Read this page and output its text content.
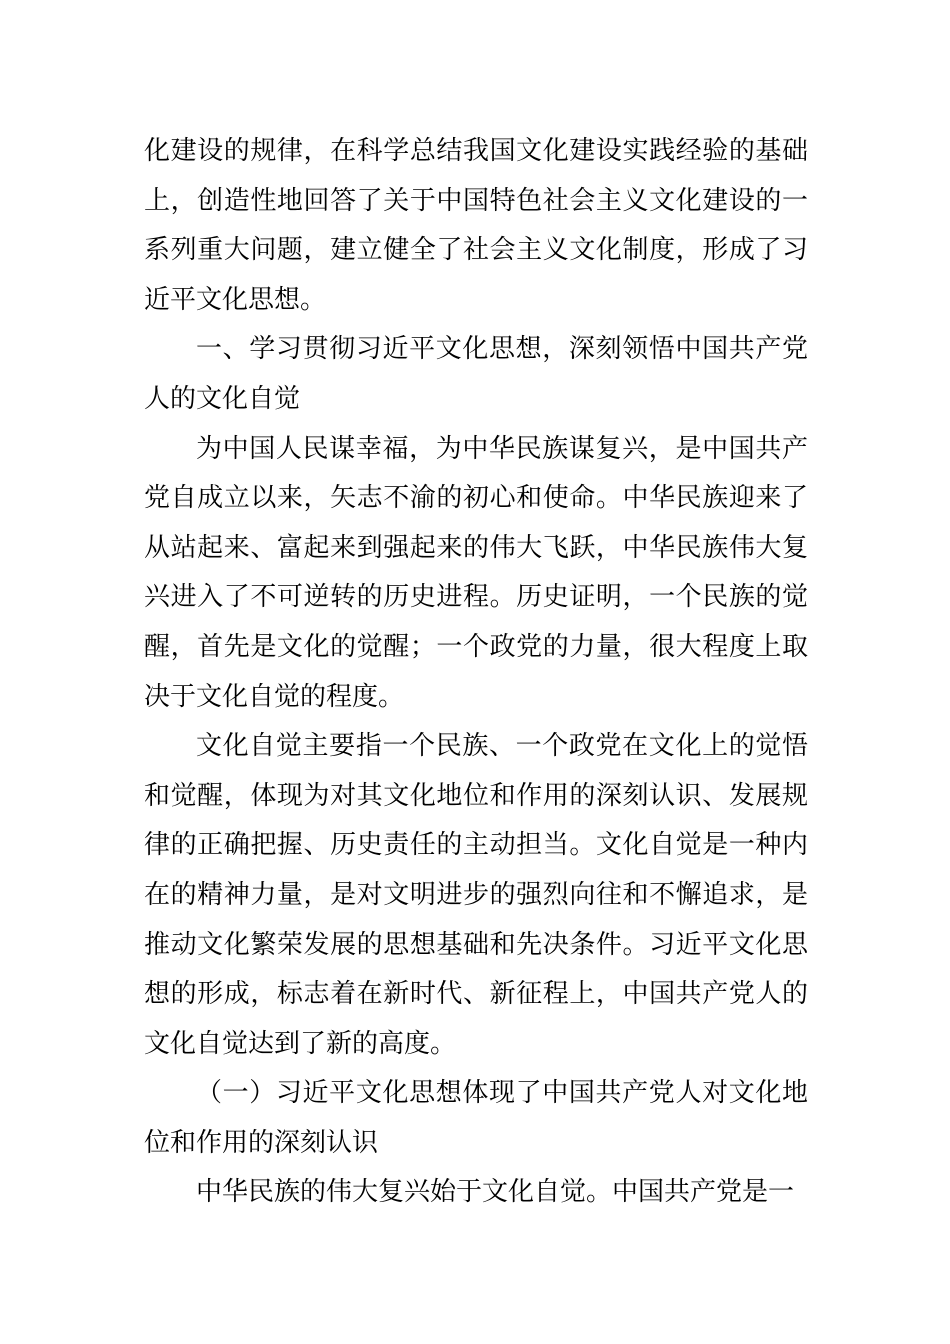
化建设的规律，在科学总结我国文化建设实践经验的基础上，创造性地回答了关于中国特色社会主义文化建设的一系列重大问题，建立健全了社会主义文化制度，形成了习近平文化思想。

一、学习贯彻习近平文化思想，深刻领悟中国共产党人的文化自觉

为中国人民谋幸福，为中华民族谋复兴，是中国共产党自成立以来，矢志不渝的初心和使命。中华民族迎来了从站起来、富起来到强起来的伟大飞跃，中华民族伟大复兴进入了不可逆转的历史进程。历史证明，一个民族的觉醒，首先是文化的觉醒；一个政党的力量，很大程度上取决于文化自觉的程度。

文化自觉主要指一个民族、一个政党在文化上的觉悟和觉醒，体现为对其文化地位和作用的深刻认识、发展规律的正确把握、历史责任的主动担当。文化自觉是一种内在的精神力量，是对文明进步的强烈向往和不懈追求，是推动文化繁荣发展的思想基础和先决条件。习近平文化思想的形成，标志着在新时代、新征程上，中国共产党人的文化自觉达到了新的高度。

（一）习近平文化思想体现了中国共产党人对文化地位和作用的深刻认识

中华民族的伟大复兴始于文化自觉。中国共产党是一
